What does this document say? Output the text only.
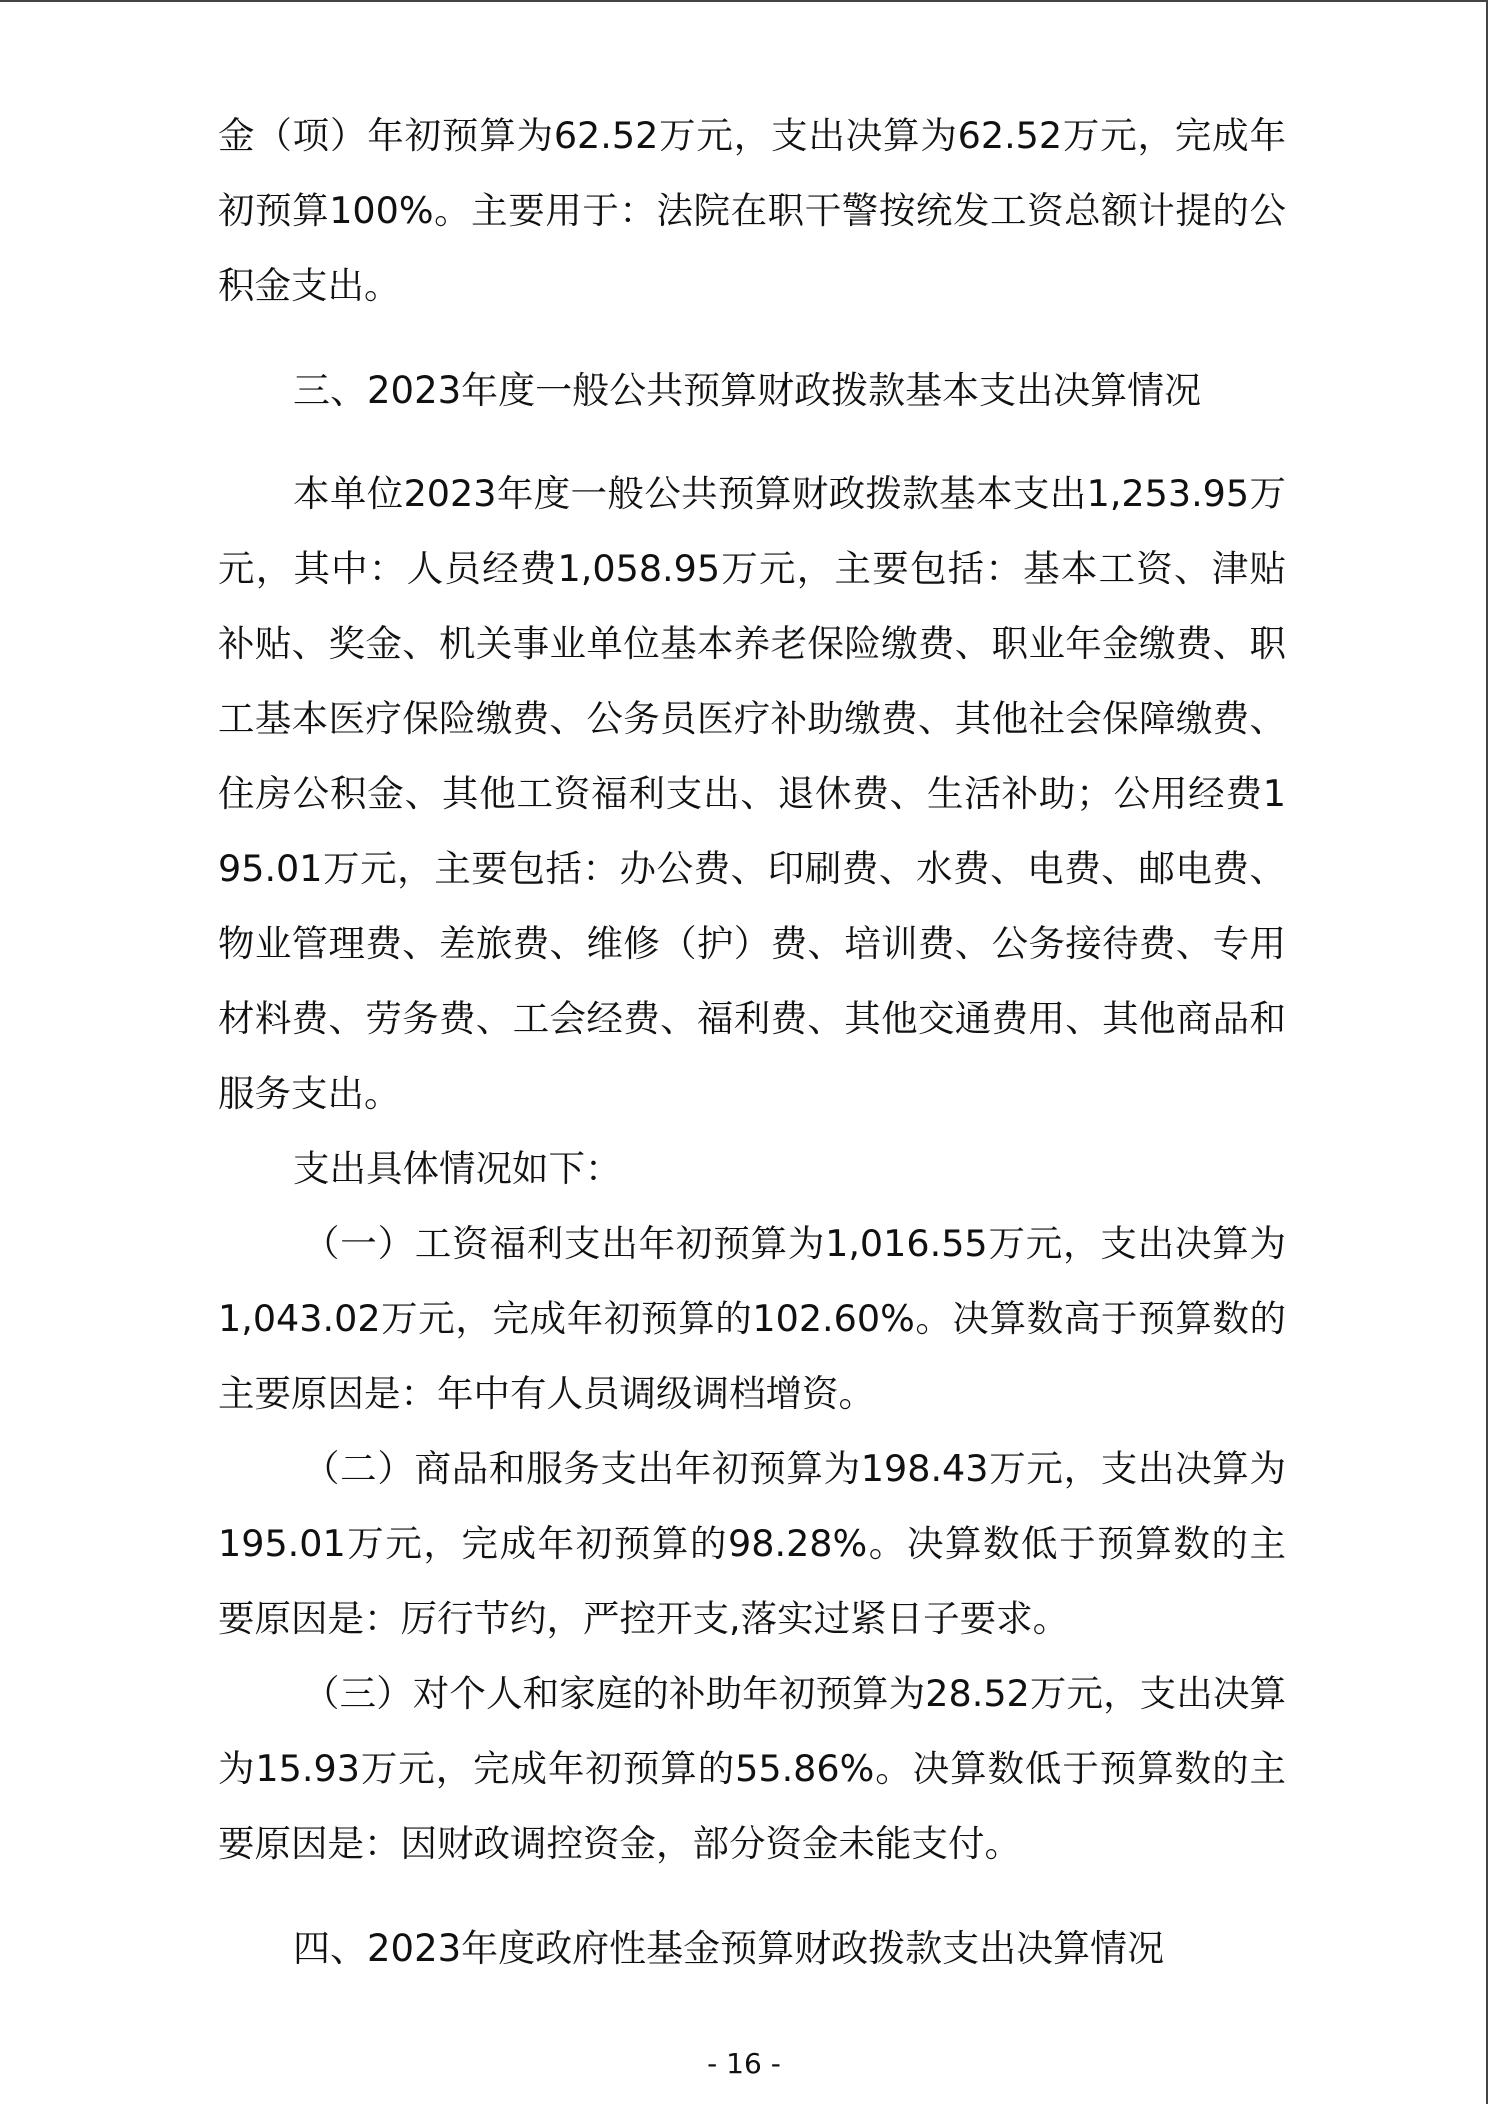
金（项）年初预算为62.52万元，支出决算为62.52万元，完成年初预算100%。主要用于：法院在职干警按统发工资总额计提的公积金支出。

三、2023年度一般公共预算财政拨款基本支出决算情况

本单位2023年度一般公共预算财政拨款基本支出1,253.95万元，其中：人员经费1,058.95万元，主要包括：基本工资、津贴补贴、奖金、机关事业单位基本养老保险缴费、职业年金缴费、职工基本医疗保险缴费、公务员医疗补助缴费、其他社会保障缴费、住房公积金、其他工资福利支出、退休费、生活补助；公用经费195.01万元，主要包括：办公费、印刷费、水费、电费、邮电费、物业管理费、差旅费、维修（护）费、培训费、公务接待费、专用材料费、劳务费、工会经费、福利费、其他交通费用、其他商品和服务支出。

支出具体情况如下：

（一）工资福利支出年初预算为1,016.55万元，支出决算为1,043.02万元，完成年初预算的102.60%。决算数高于预算数的主要原因是：年中有人员调级调档增资。

（二）商品和服务支出年初预算为198.43万元，支出决算为195.01万元，完成年初预算的98.28%。决算数低于预算数的主要原因是：厉行节约，严控开支,落实过紧日子要求。

（三）对个人和家庭的补助年初预算为28.52万元，支出决算为15.93万元，完成年初预算的55.86%。决算数低于预算数的主要原因是：因财政调控资金，部分资金未能支付。

四、2023年度政府性基金预算财政拨款支出决算情况

- 16 -
